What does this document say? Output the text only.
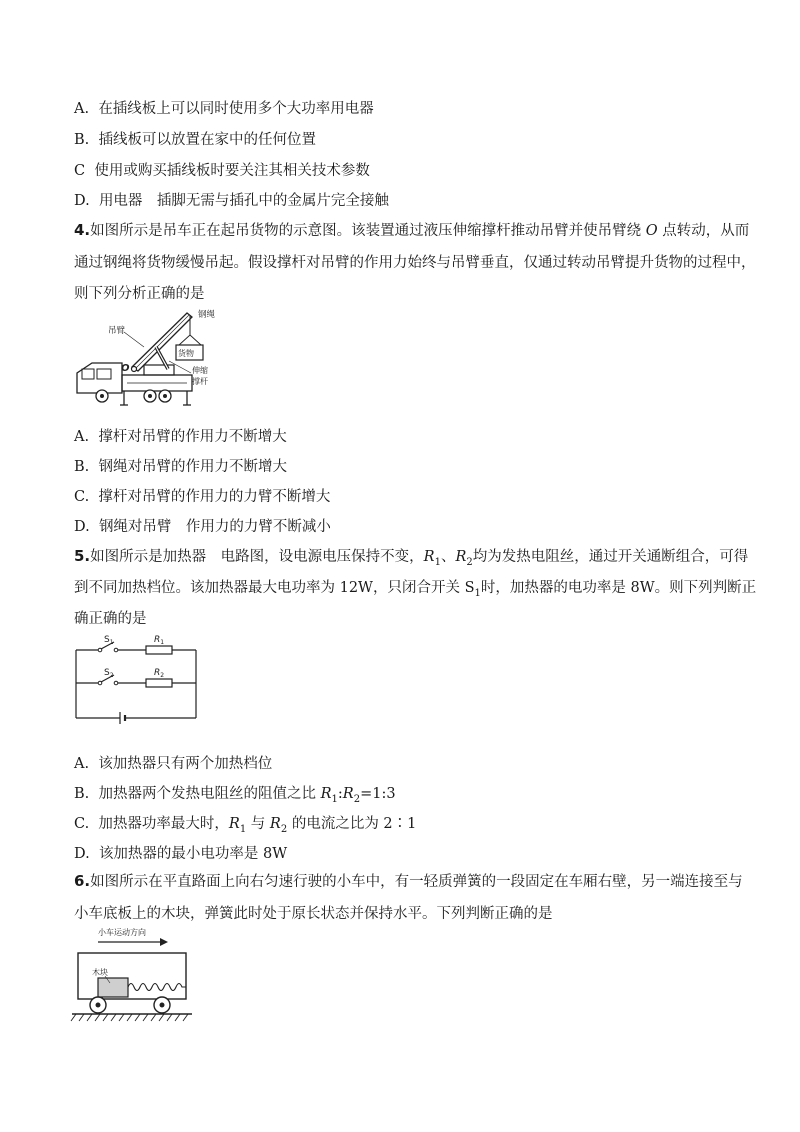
A. 在插线板上可以同时使用多个大功率用电器
B. 插线板可以放置在家中的任何位置
C 使用或购买插线板时要关注其相关技术参数
D. 用电器　插脚无需与插孔中的金属片完全接触
4.如图所示是吊车正在起吊货物的示意图。该装置通过液压伸缩撑杆推动吊臂并使吊臂绕 O 点转动，从而
通过钢绳将货物缓慢吊起。假设撑杆对吊臂的作用力始终与吊臂垂直，仅通过转动吊臂提升货物的过程中，
则下列分析正确的是
吊臂
钢绳
货物
O	伸缩
撑杆
A. 撑杆对吊臂的作用力不断增大
B. 钢绳对吊臂的作用力不断增大
C. 撑杆对吊臂的作用力的力臂不断增大
D. 钢绳对吊臂　作用力的力臂不断减小
5.如图所示是加热器　电路图，设电源电压保持不变，$R_1$、$R_2$均为发热电阻丝，通过开关通断组合，可得
到不同加热档位。该加热器最大电功率为 12W，只闭合开关 $S_1$时，加热器的电功率是 8W。则下列判断正
确正确的是
$S_1$
$S_2$
$R_1$
$R_2$
A. 该加热器只有两个加热档位
B. 加热器两个发热电阻丝的阻值之比 $R_1:R_2=1:3$
C. 加热器功率最大时，$R_1$ 与 $R_2$ 的电流之比为 2∶1
D. 该加热器的最小电功率是 8W
6.如图所示在平直路面上向右匀速行驶的小车中，有一轻质弹簧的一段固定在车厢右壁，另一端连接至与
小车底板上的木块，弹簧此时处于原长状态并保持水平。下列判断正确的是
小车运动方向
木块
